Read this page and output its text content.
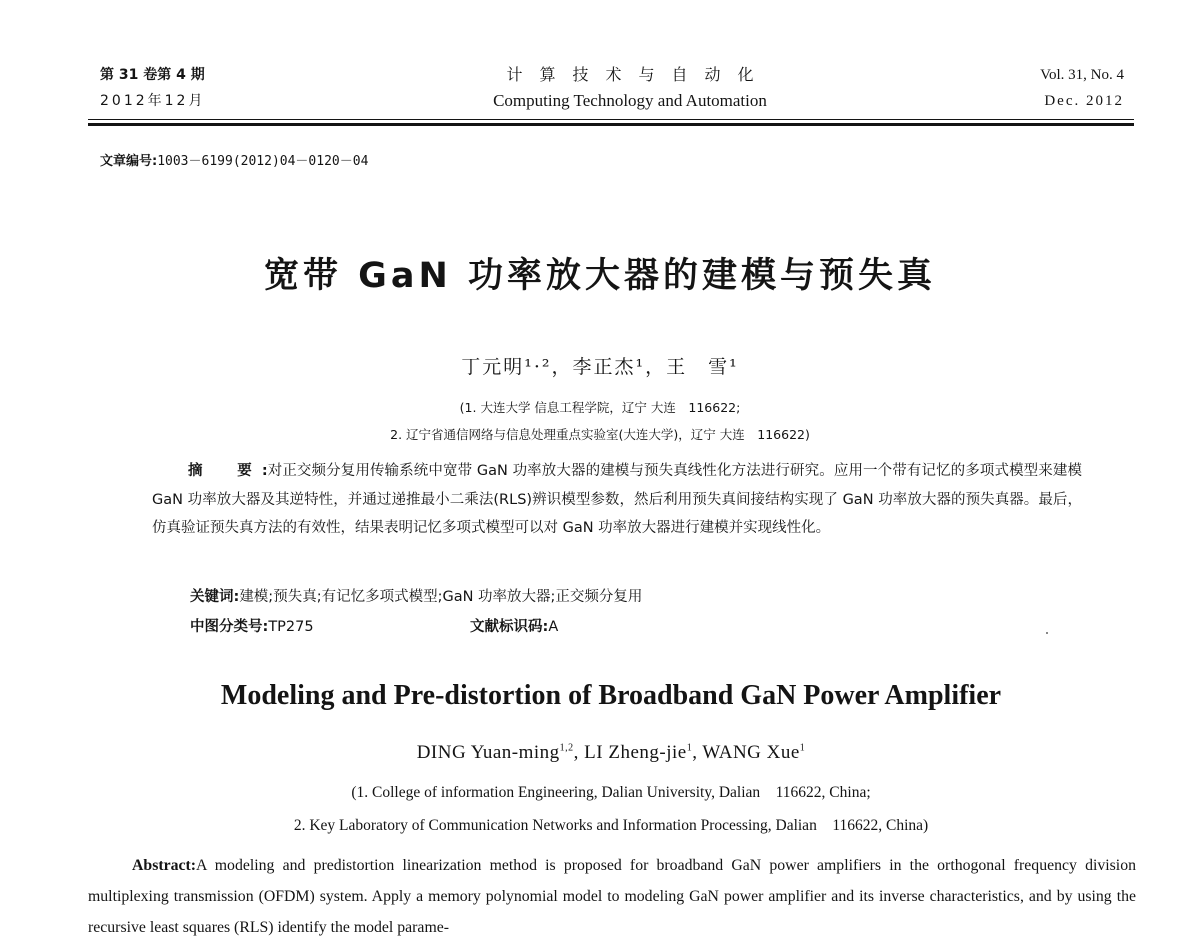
第 31 卷第 4 期
2012年12月
计算技术与自动化
Computing Technology and Automation
Vol. 31, No. 4
Dec. 2012
文章编号:1003－6199(2012)04－0120－04
宽带 GaN 功率放大器的建模与预失真
丁元明¹·²，李正杰¹，王　雪¹
(1. 大连大学 信息工程学院，辽宁 大连　116622;
2. 辽宁省通信网络与信息处理重点实验室(大连大学)，辽宁 大连　116622)
摘　要:对正交频分复用传输系统中宽带 GaN 功率放大器的建模与预失真线性化方法进行研究。应用一个带有记忆的多项式模型来建模 GaN 功率放大器及其逆特性，并通过递推最小二乘法(RLS)辨识模型参数，然后利用预失真间接结构实现了 GaN 功率放大器的预失真器。最后，仿真验证预失真方法的有效性，结果表明记忆多项式模型可以对 GaN 功率放大器进行建模并实现线性化。
关键词:建模;预失真;有记忆多项式模型;GaN 功率放大器;正交频分复用
中图分类号:TP275	文献标识码:A
Modeling and Pre-distortion of Broadband GaN Power Amplifier
DING Yuan-ming$^{1,2}$, LI Zheng-jie$^1$, WANG Xue$^1$
(1. College of information Engineering, Dalian University, Dalian　116622, China;
2. Key Laboratory of Communication Networks and Information Processing, Dalian　116622, China)
Abstract:A modeling and predistortion linearization method is proposed for broadband GaN power amplifiers in the orthogonal frequency division multiplexing transmission (OFDM) system. Apply a memory polynomial model to modeling GaN power amplifier and its inverse characteristics, and by using the recursive least squares (RLS) identify the model parame-
